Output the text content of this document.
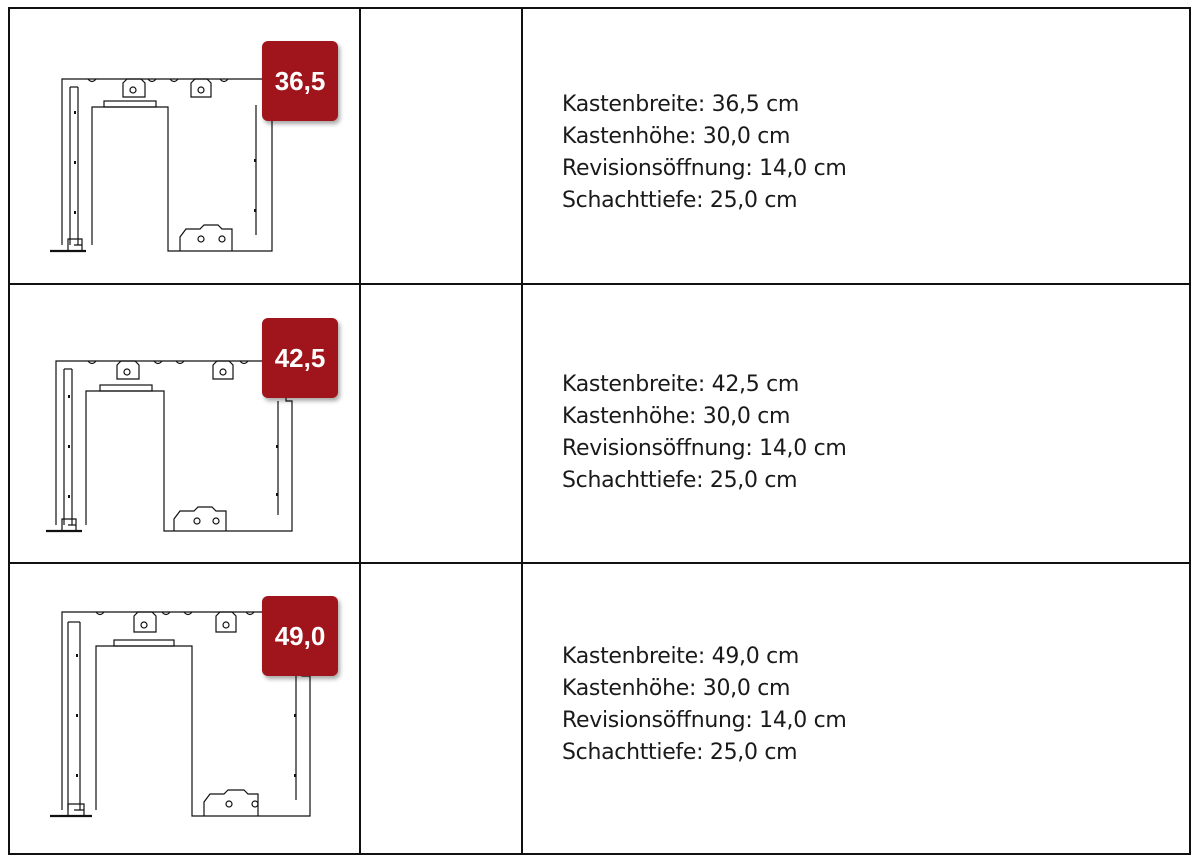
36,5
Kastenbreite: 36,5 cm
Kastenhöhe: 30,0 cm
Revisionsöffnung: 14,0 cm
Schachttiefe: 25,0 cm
42,5
Kastenbreite: 42,5 cm
Kastenhöhe: 30,0 cm
Revisionsöffnung: 14,0 cm
Schachttiefe: 25,0 cm
49,0
Kastenbreite: 49,0 cm
Kastenhöhe: 30,0 cm
Revisionsöffnung: 14,0 cm
Schachttiefe: 25,0 cm
